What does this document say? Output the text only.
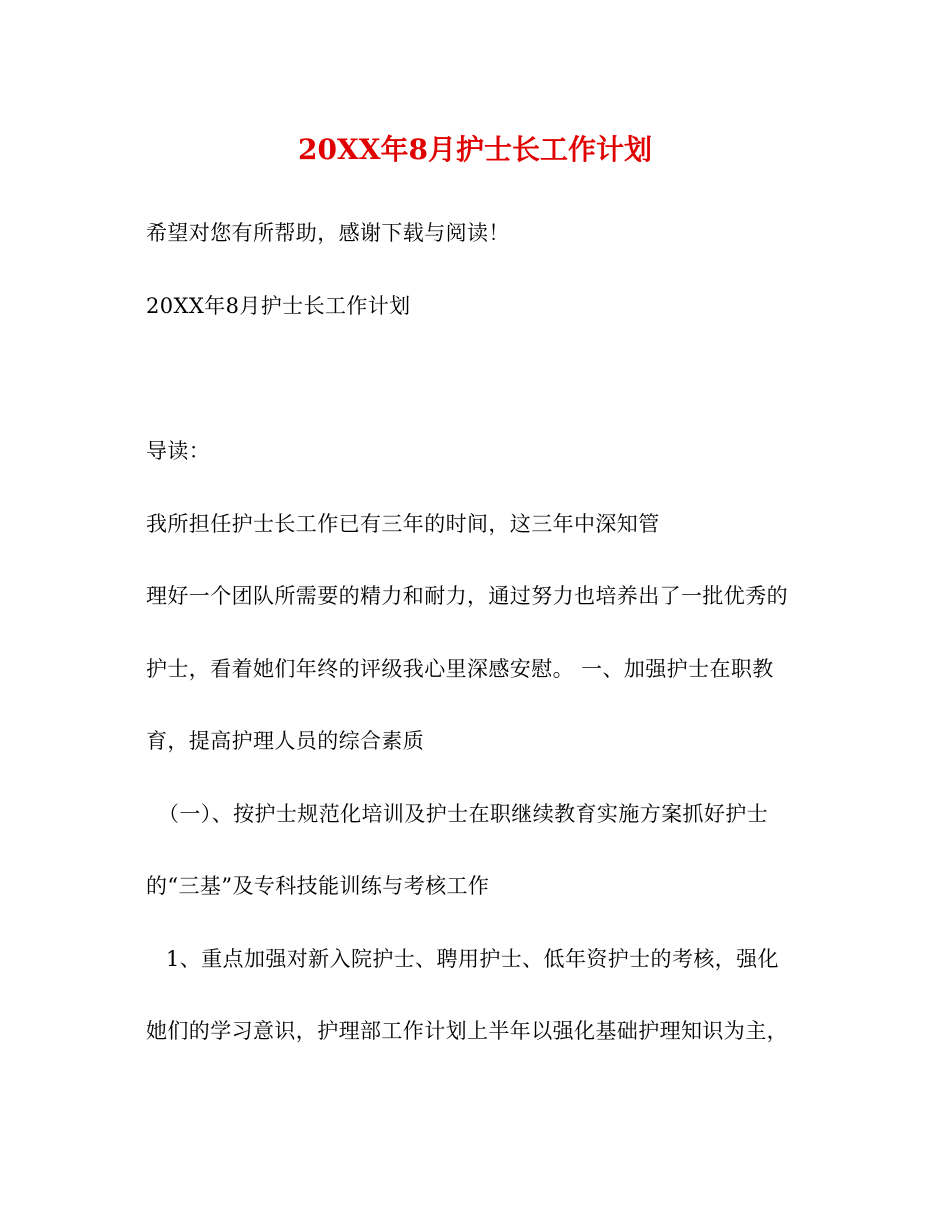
20XX年8月护士长工作计划
希望对您有所帮助，感谢下载与阅读！
20XX年8月护士长工作计划
导读：
我所担任护士长工作已有三年的时间，这三年中深知管
理好一个团队所需要的精力和耐力，通过努力也培养出了一批优秀的
护士，看着她们年终的评级我心里深感安慰。 一、加强护士在职教
育，提高护理人员的综合素质
（一）、按护士规范化培训及护士在职继续教育实施方案抓好护士
的“三基”及专科技能训练与考核工作
1、重点加强对新入院护士、聘用护士、低年资护士的考核，强化
她们的学习意识，护理部工作计划上半年以强化基础护理知识为主，
